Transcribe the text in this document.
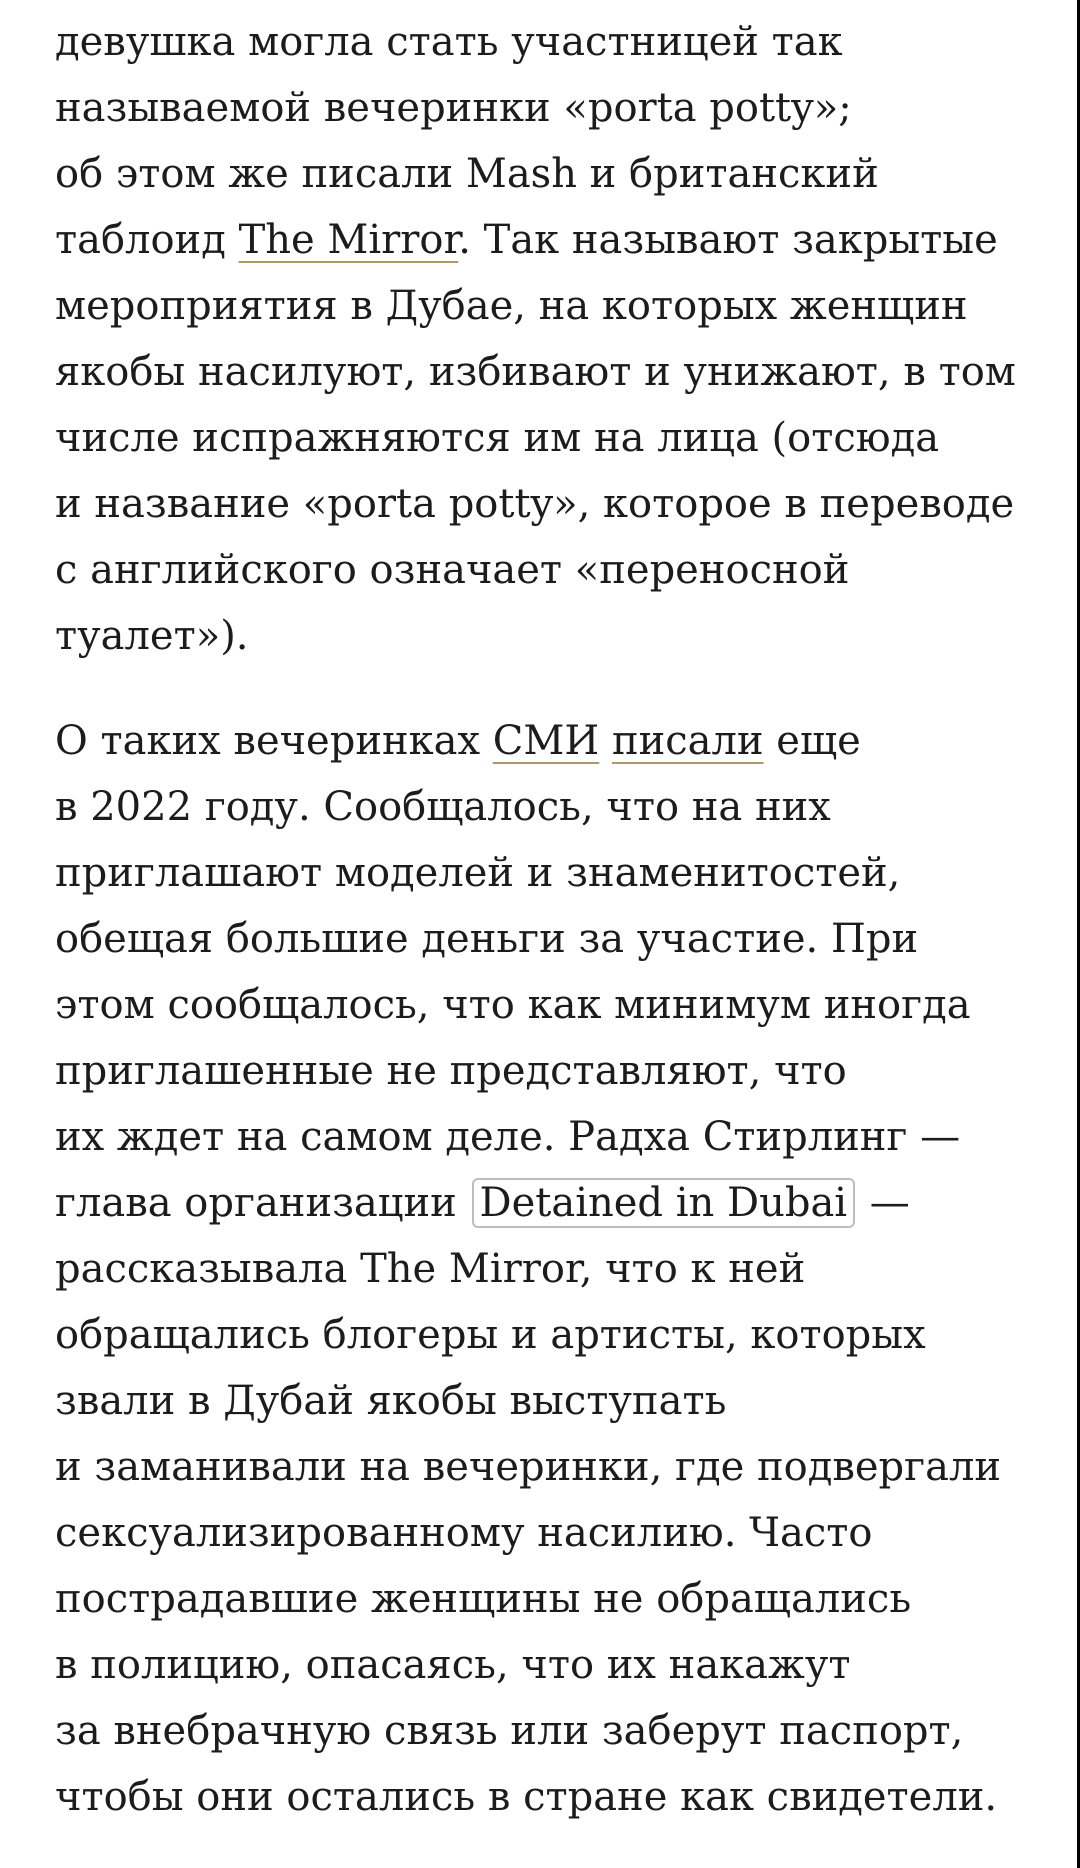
девушка могла стать участницей так
называемой вечеринки «porta potty»;
об этом же писали Mash и британский
таблоид The Mirror. Так называют закрытые
мероприятия в Дубае, на которых женщин
якобы насилуют, избивают и унижают, в том
числе испражняются им на лица (отсюда
и название «porta potty», которое в переводе
с английского означает «переносной
туалет»).
О таких вечеринках СМИ писали еще
в 2022 году. Сообщалось, что на них
приглашают моделей и знаменитостей,
обещая большие деньги за участие. При
этом сообщалось, что как минимум иногда
приглашенные не представляют, что
их ждет на самом деле. Радха Стирлинг —
глава организации Detained in Dubai —
рассказывала The Mirror, что к ней
обращались блогеры и артисты, которых
звали в Дубай якобы выступать
и заманивали на вечеринки, где подвергали
сексуализированному насилию. Часто
пострадавшие женщины не обращались
в полицию, опасаясь, что их накажут
за внебрачную связь или заберут паспорт,
чтобы они остались в стране как свидетели.
